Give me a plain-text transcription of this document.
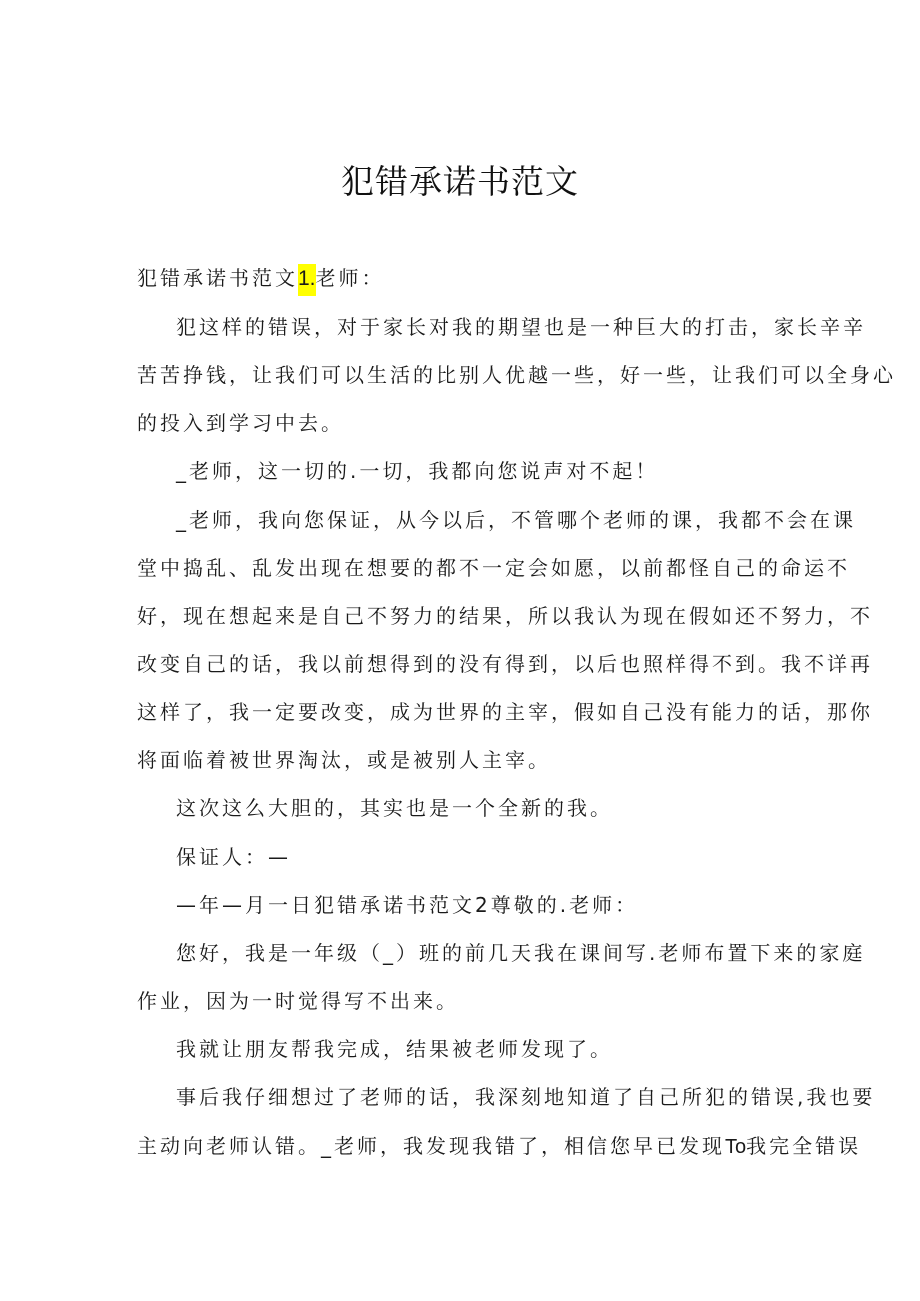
犯错承诺书范文
犯错承诺书范文1.老师：
犯这样的错误，对于家长对我的期望也是一种巨大的打击，家长辛辛
苦苦挣钱，让我们可以生活的比别人优越一些，好一些，让我们可以全身心
的投入到学习中去。
_老师，这一切的.一切，我都向您说声对不起！
_老师，我向您保证，从今以后，不管哪个老师的课，我都不会在课
堂中捣乱、乱发出现在想要的都不一定会如愿，以前都怪自己的命运不
好，现在想起来是自己不努力的结果，所以我认为现在假如还不努力，不
改变自己的话，我以前想得到的没有得到，以后也照样得不到。我不详再
这样了，我一定要改变，成为世界的主宰，假如自己没有能力的话，那你
将面临着被世界淘汰，或是被别人主宰。
这次这么大胆的，其实也是一个全新的我。
保证人：—
—年—月一日犯错承诺书范文2尊敬的.老师：
您好，我是一年级（_）班的前几天我在课间写.老师布置下来的家庭
作业，因为一时觉得写不出来。
我就让朋友帮我完成，结果被老师发现了。
事后我仔细想过了老师的话，我深刻地知道了自己所犯的错误,我也要
主动向老师认错。_老师，我发现我错了，相信您早已发现To我完全错误
